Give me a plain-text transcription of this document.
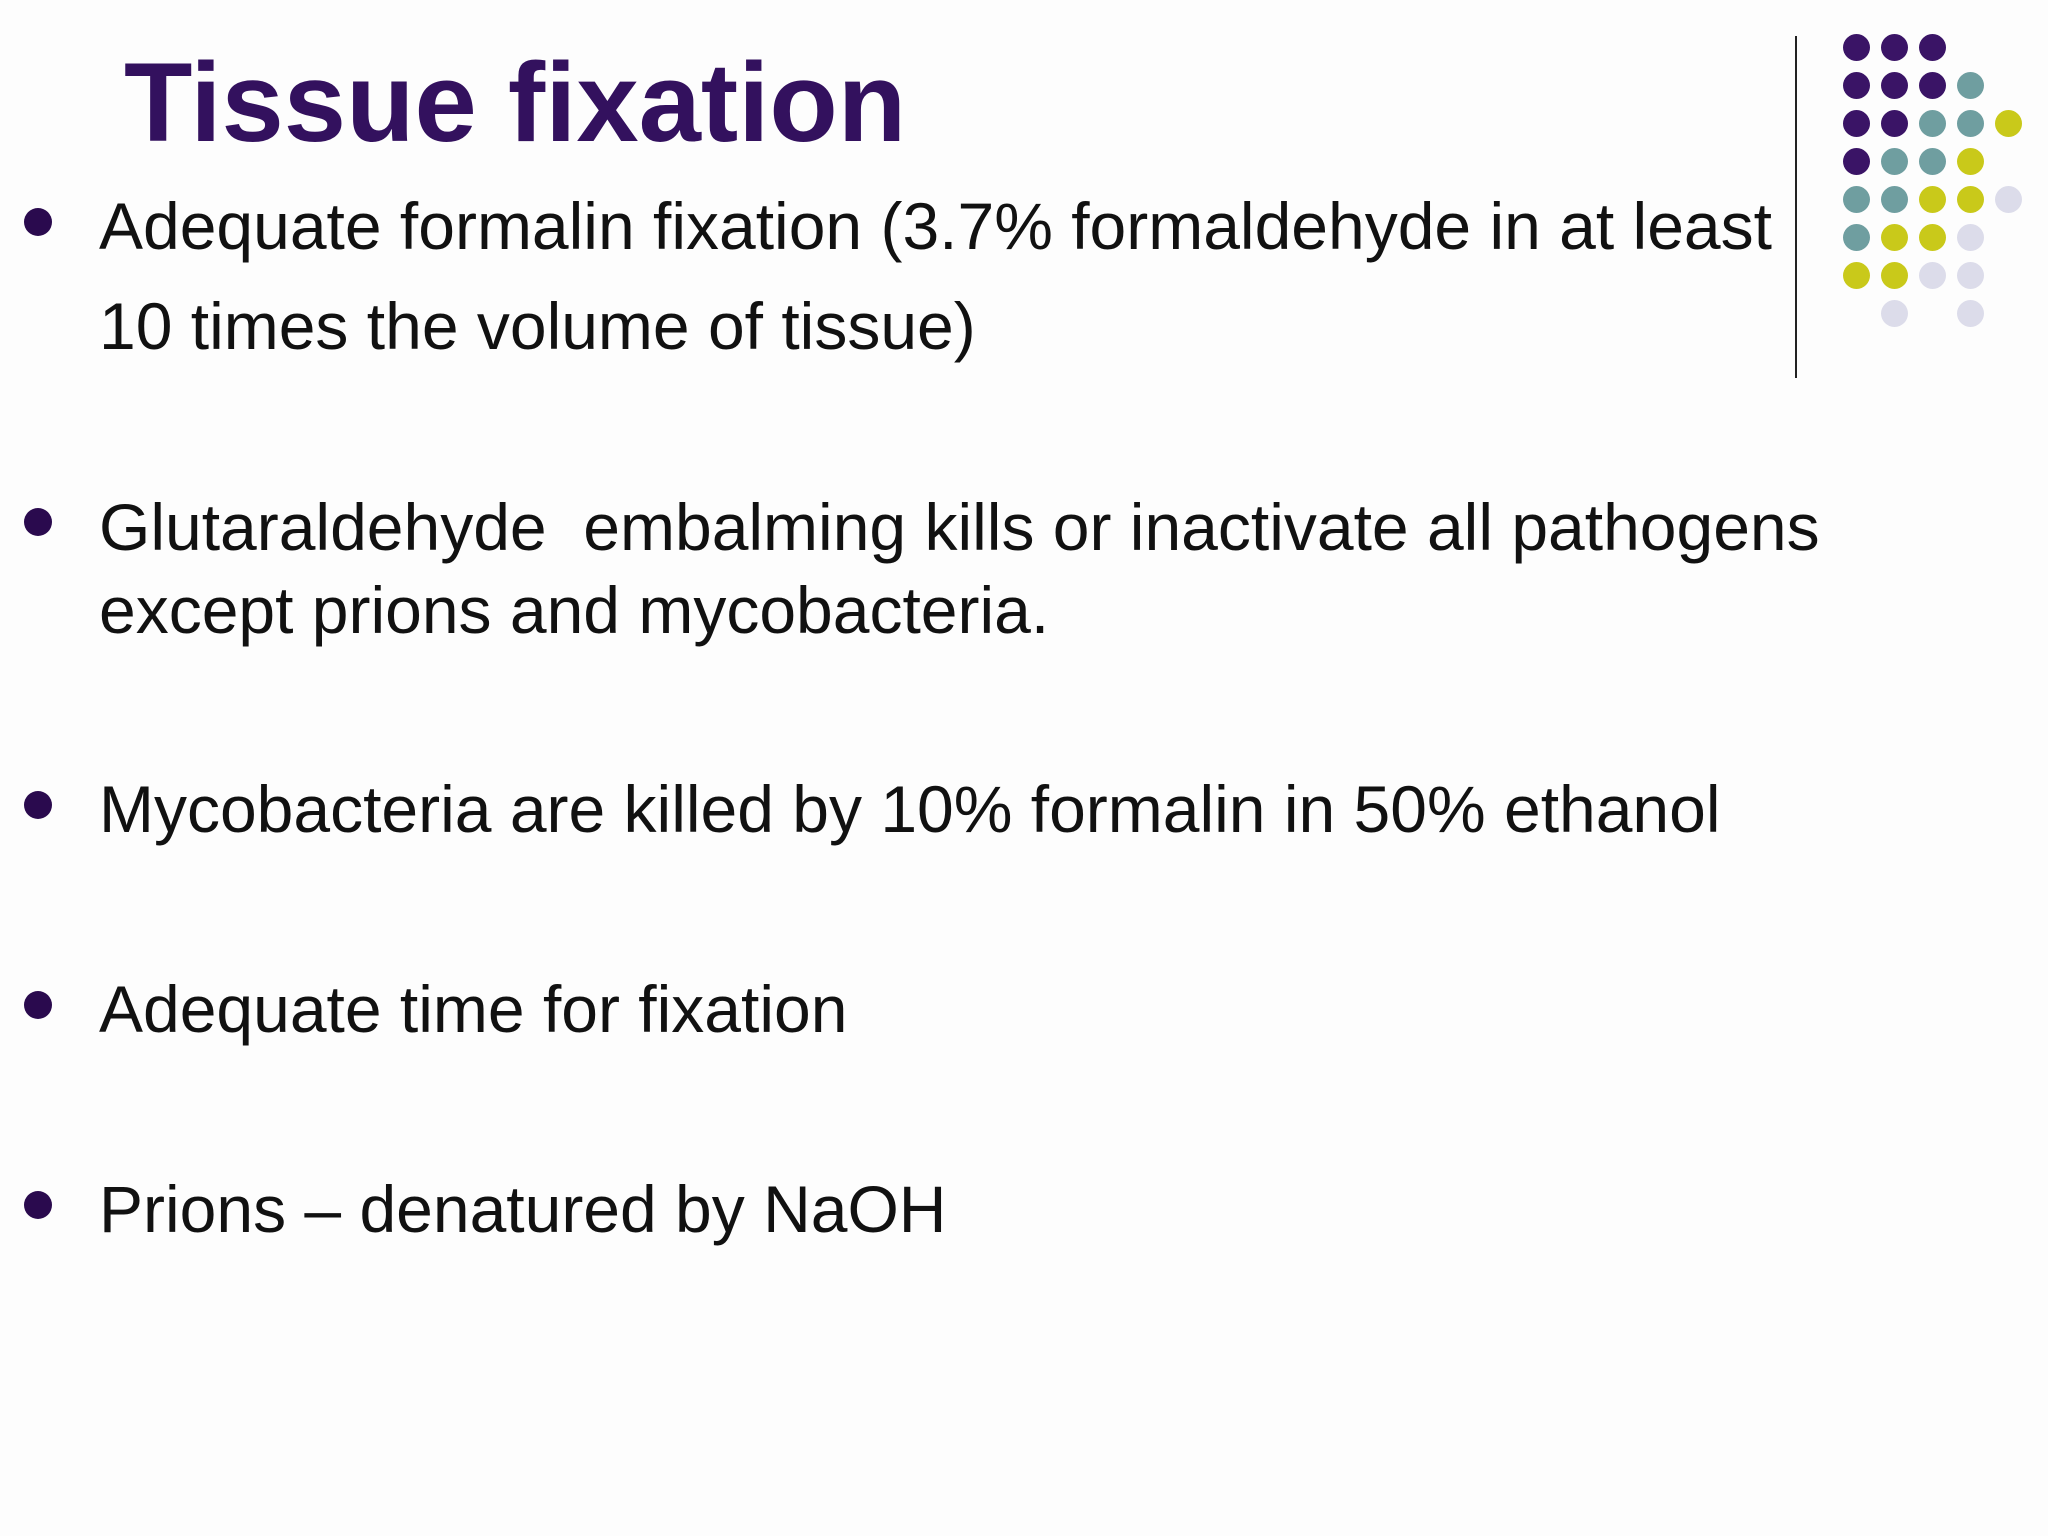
Tissue fixation
Adequate formalin fixation (3.7% formaldehyde in at least
10 times the volume of tissue)
Glutaraldehyde  embalming kills or inactivate all pathogens
except prions and mycobacteria.
Mycobacteria are killed by 10% formalin in 50% ethanol
Adequate time for fixation
Prions – denatured by NaOH
